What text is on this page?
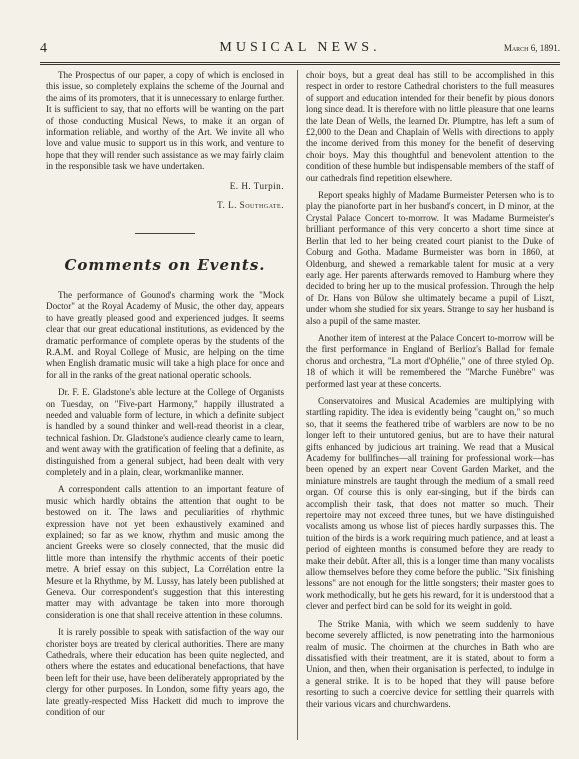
4	MUSICAL NEWS.	March 6, 1891.

The Prospectus of our paper, a copy of which is enclosed in this issue, so completely explains the scheme of the Journal and the aims of its promoters, that it is unnecessary to enlarge further. It is sufficient to say, that no efforts will be wanting on the part of those conducting Musical News, to make it an organ of information reliable, and worthy of the Art. We invite all who love and value music to support us in this work, and venture to hope that they will render such assistance as we may fairly claim in the responsible task we have undertaken.

E. H. Turpin.

T. L. Southgate.

Comments on Events.

The performance of Gounod's charming work the "Mock Doctor" at the Royal Academy of Music, the other day, appears to have greatly pleased good and experienced judges. It seems clear that our great educational institutions, as evidenced by the dramatic performance of complete operas by the students of the R.A.M. and Royal College of Music, are helping on the time when English dramatic music will take a high place for once and for all in the ranks of the great national operatic schools.

Dr. F. E. Gladstone's able lecture at the College of Organists on Tuesday, on "Five-part Harmony," happily illustrated a needed and valuable form of lecture, in which a definite subject is handled by a sound thinker and well-read theorist in a clear, technical fashion. Dr. Gladstone's audience clearly came to learn, and went away with the gratification of feeling that a definite, as distinguished from a general subject, had been dealt with very completely and in a plain, clear, workmanlike manner.

A correspondent calls attention to an important feature of music which hardly obtains the attention that ought to be bestowed on it. The laws and peculiarities of rhythmic expression have not yet been exhaustively examined and explained; so far as we know, rhythm and music among the ancient Greeks were so closely connected, that the music did little more than intensify the rhythmic accents of their poetic metre. A brief essay on this subject, La Corrélation entre la Mesure et la Rhythme, by M. Lussy, has lately been published at Geneva. Our correspondent's suggestion that this interesting matter may with advantage be taken into more thorough consideration is one that shall receive attention in these columns.

It is rarely possible to speak with satisfaction of the way our chorister boys are treated by clerical authorities. There are many Cathedrals, where their education has been quite neglected, and others where the estates and educational benefactions, that have been left for their use, have been deliberately appropriated by the clergy for other purposes. In London, some fifty years ago, the late greatly-respected Miss Hackett did much to improve the condition of our

choir boys, but a great deal has still to be accomplished in this respect in order to restore Cathedral choristers to the full measures of support and education intended for their benefit by pious donors long since dead. It is therefore with no little pleasure that one learns the late Dean of Wells, the learned Dr. Plumptre, has left a sum of £2,000 to the Dean and Chaplain of Wells with directions to apply the income derived from this money for the benefit of deserving choir boys. May this thoughtful and benevolent attention to the condition of these humble but indispensable members of the staff of our cathedrals find repetition elsewhere.

Report speaks highly of Madame Burmeister Petersen who is to play the pianoforte part in her husband's concert, in D minor, at the Crystal Palace Concert to-morrow. It was Madame Burmeister's brilliant performance of this very concerto a short time since at Berlin that led to her being created court pianist to the Duke of Coburg and Gotha. Madame Burmeister was born in 1860, at Oldenburg, and shewed a remarkable talent for music at a very early age. Her parents afterwards removed to Hamburg where they decided to bring her up to the musical profession. Through the help of Dr. Hans von Bülow she ultimately became a pupil of Liszt, under whom she studied for six years. Strange to say her husband is also a pupil of the same master.

Another item of interest at the Palace Concert to-morrow will be the first performance in England of Berlioz's Ballad for female chorus and orchestra, "La mort d'Ophélie," one of three styled Op. 18 of which it will be remembered the "Marche Funèbre" was performed last year at these concerts.

Conservatoires and Musical Academies are multiplying with startling rapidity. The idea is evidently being "caught on," so much so, that it seems the feathered tribe of warblers are now to be no longer left to their untutored genius, but are to have their natural gifts enhanced by judicious art training. We read that a Musical Academy for bullfinches—all training for professional work—has been opened by an expert near Covent Garden Market, and the miniature minstrels are taught through the medium of a small reed organ. Of course this is only ear-singing, but if the birds can accomplish their task, that does not matter so much. Their repertoire may not exceed three tunes, but we have distinguished vocalists among us whose list of pieces hardly surpasses this. The tuition of the birds is a work requiring much patience, and at least a period of eighteen months is consumed before they are ready to make their debût. After all, this is a longer time than many vocalists allow themselves before they come before the public. "Six finishing lessons" are not enough for the little songsters; their master goes to work methodically, but he gets his reward, for it is understood that a clever and perfect bird can be sold for its weight in gold.

The Strike Mania, with which we seem suddenly to have become severely afflicted, is now penetrating into the harmonious realm of music. The choirmen at the churches in Bath who are dissatisfied with their treatment, are it is stated, about to form a Union, and then, when their organisation is perfected, to indulge in a general strike. It is to be hoped that they will pause before resorting to such a coercive device for settling their quarrels with their various vicars and churchwardens.
